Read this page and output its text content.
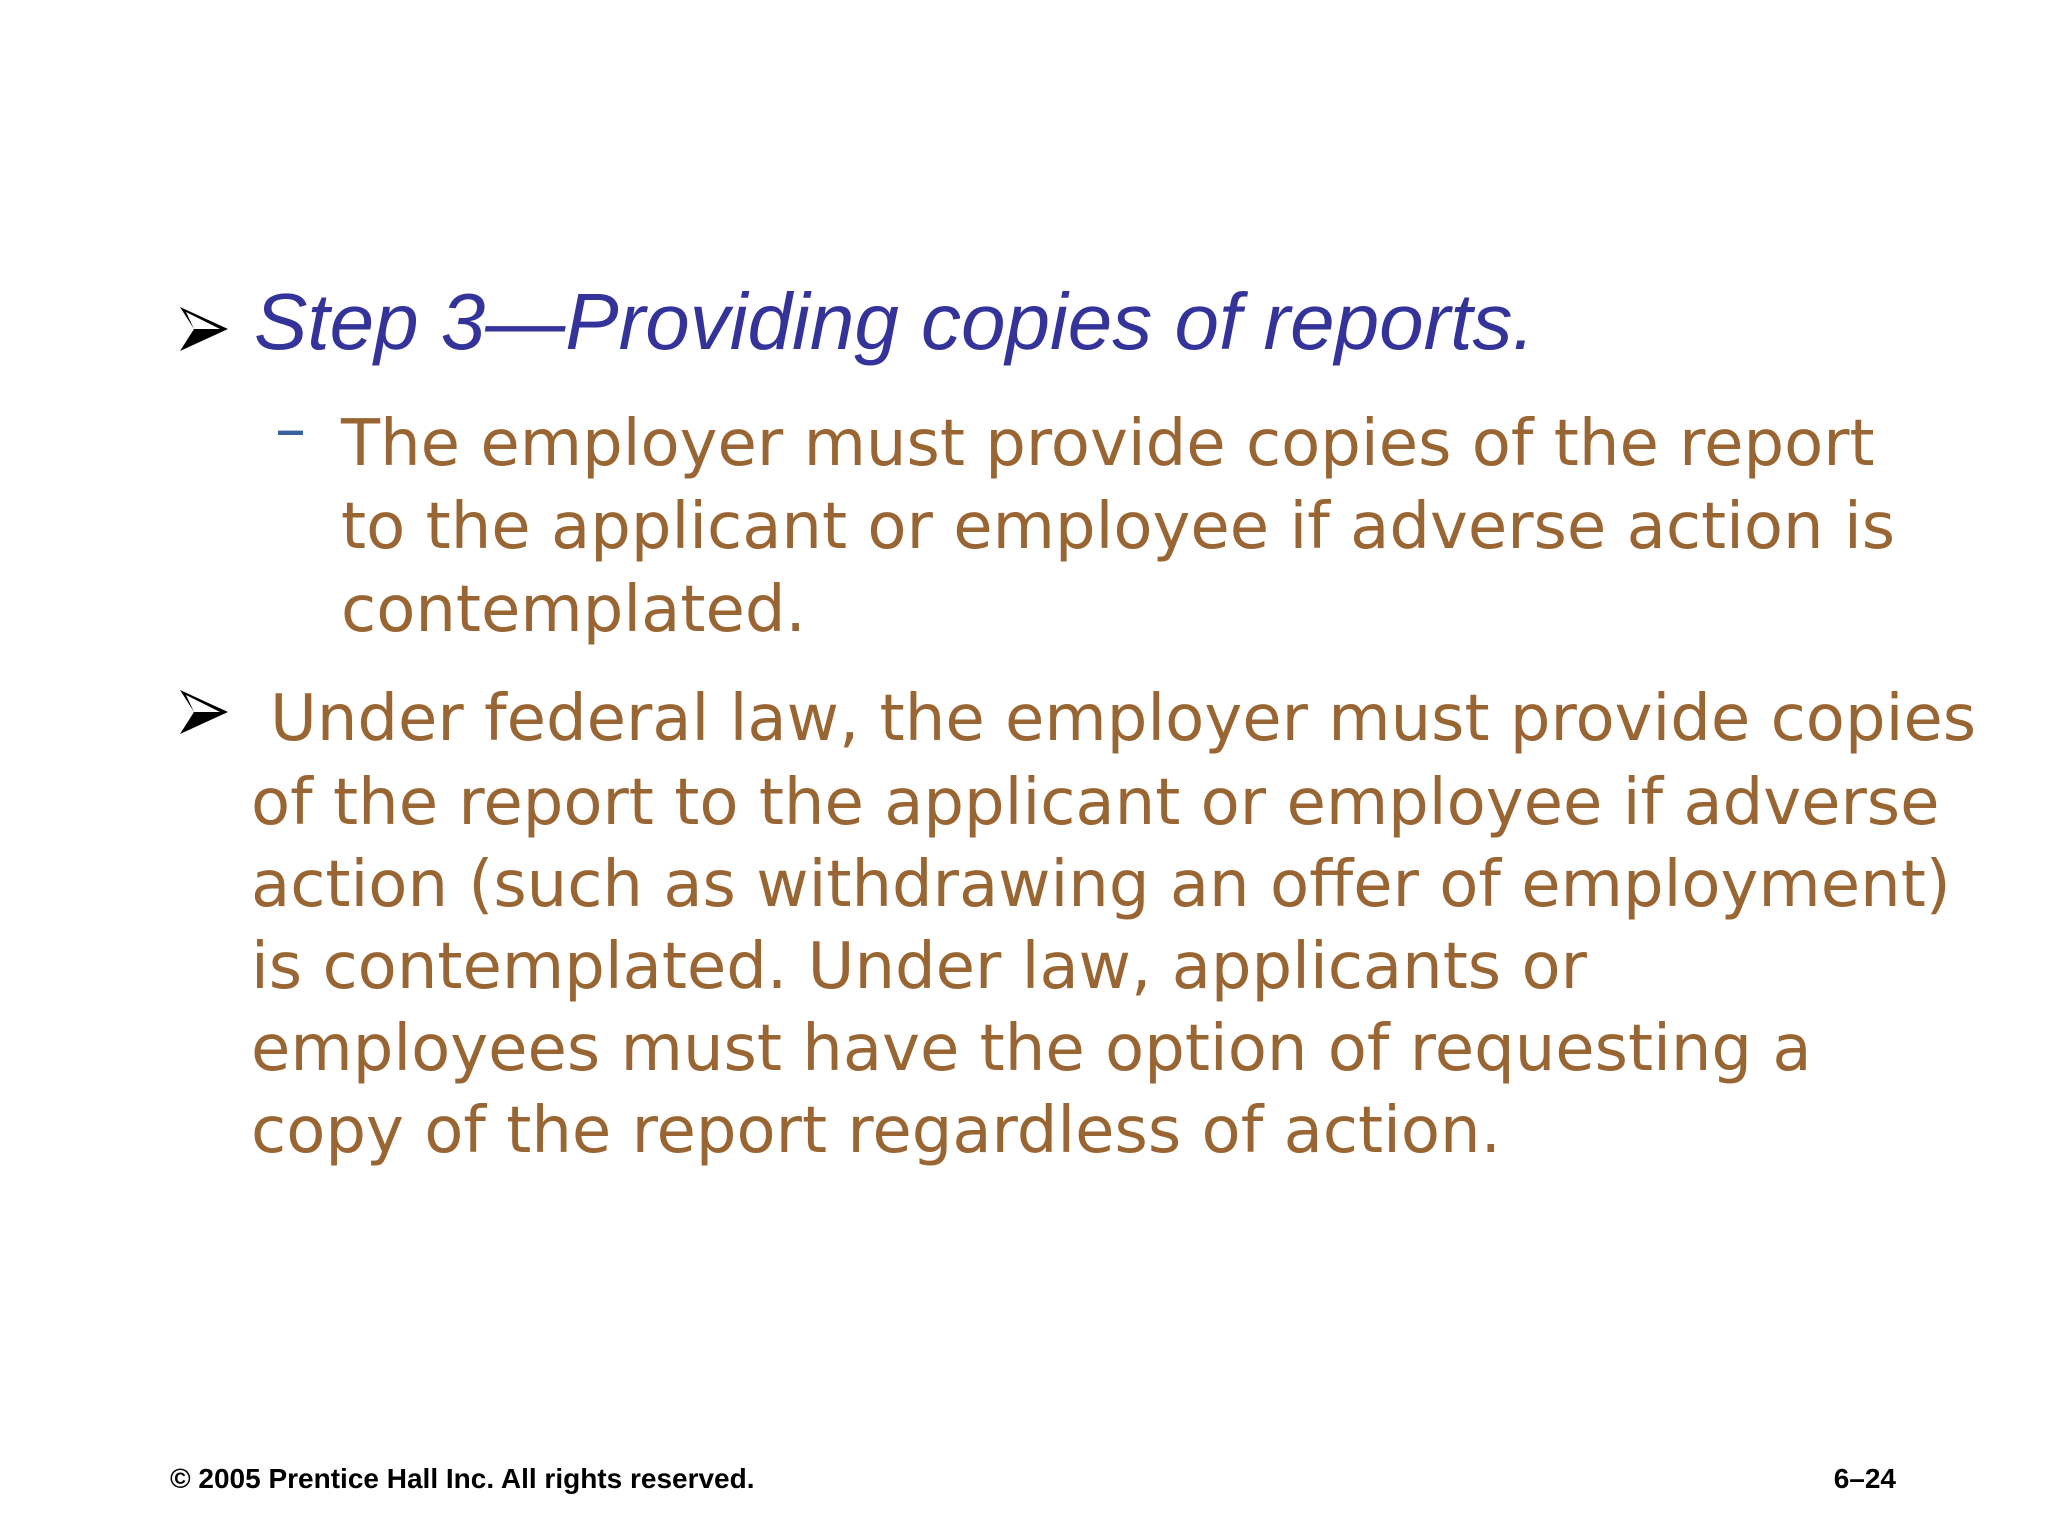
Step 3—Providing copies of reports.
– The employer must provide copies of the report to the applicant or employee if adverse action is contemplated.
Under federal law, the employer must provide copies
of the report to the applicant or employee if adverse action (such as withdrawing an offer of employment) is contemplated. Under law, applicants or employees must have the option of requesting a copy of the report regardless of action.
© 2005 Prentice Hall Inc. All rights reserved.	6–24
